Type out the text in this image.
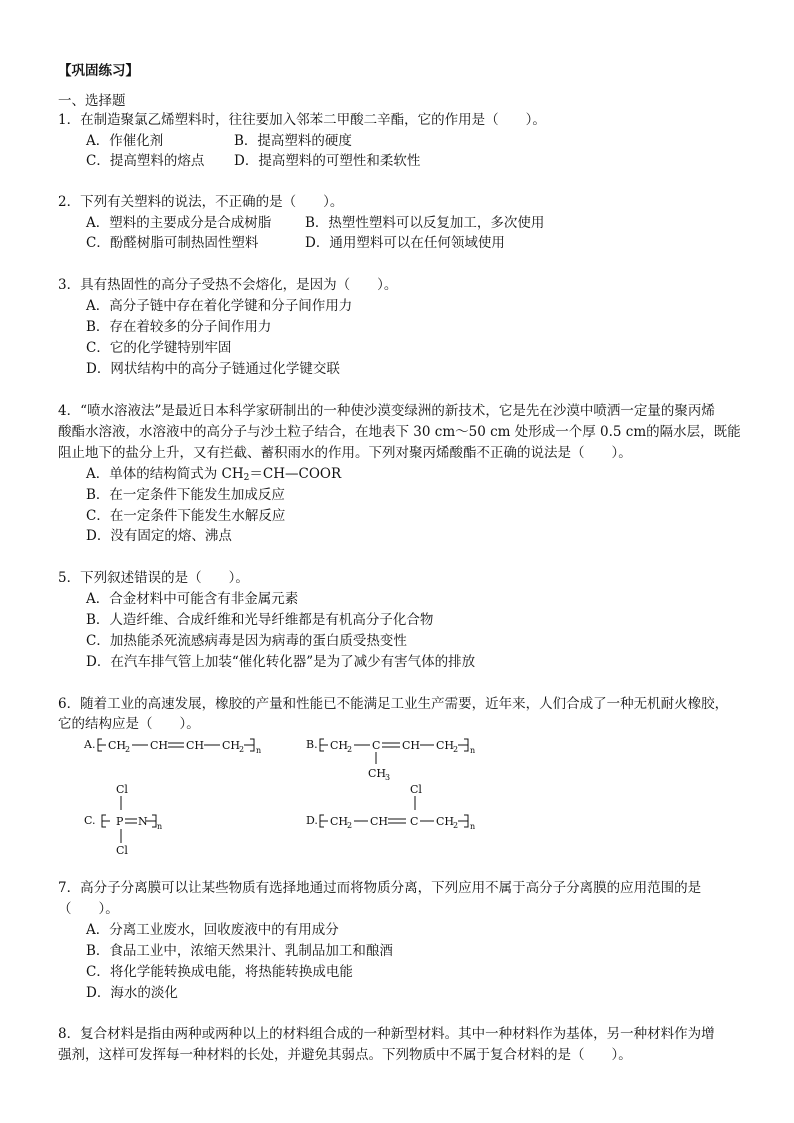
【巩固练习】
一、选择题
1．在制造聚氯乙烯塑料时，往往要加入邻苯二甲酸二辛酯，它的作用是（　　）。
A．作催化剂	B．提高塑料的硬度
C．提高塑料的熔点 D．提高塑料的可塑性和柔软性
2．下列有关塑料的说法，不正确的是（　　）。
A．塑料的主要成分是合成树脂	B．热塑性塑料可以反复加工，多次使用
C．酚醛树脂可制热固性塑料	D．通用塑料可以在任何领域使用
3．具有热固性的高分子受热不会熔化，是因为（　　）。
A．高分子链中存在着化学键和分子间作用力
B．存在着较多的分子间作用力
C．它的化学键特别牢固
D．网状结构中的高分子链通过化学键交联
4．“喷水溶液法”是最近日本科学家研制出的一种使沙漠变绿洲的新技术，它是先在沙漠中喷洒一定量的聚丙烯
酸酯水溶液，水溶液中的高分子与沙土粒子结合，在地表下 30 cm～50 cm 处形成一个厚 0.5 cm的隔水层，既能
阻止地下的盐分上升，又有拦截、蓄积雨水的作用。下列对聚丙烯酸酯不正确的说法是（　　）。
A．单体的结构简式为 $CH_2=CH—COOR$
B．在一定条件下能发生加成反应
C．在一定条件下能发生水解反应
D．没有固定的熔、沸点
5．下列叙述错误的是（　　）。
A．合金材料中可能含有非金属元素
B．人造纤维、合成纤维和光导纤维都是有机高分子化合物
C．加热能杀死流感病毒是因为病毒的蛋白质受热变性
D．在汽车排气管上加装“催化转化器”是为了减少有害气体的排放
6．随着工业的高速发展，橡胶的产量和性能已不能满足工业生产需要，近年来，人们合成了一种无机耐火橡胶，
它的结构应是（　　）。
A. CH
2 CH CH CH
2 n	B. CH
2 C CH CH
2 n
CH
3
Cl
C. P N n
Cl
Cl
D. CH
2 CH C CH
2 n
7．高分子分离膜可以让某些物质有选择地通过而将物质分离，下列应用不属于高分子分离膜的应用范围的是
（　　）。
A．分离工业废水，回收废液中的有用成分
B．食品工业中，浓缩天然果汁、乳制品加工和酿酒
C．将化学能转换成电能，将热能转换成电能
D．海水的淡化
8．复合材料是指由两种或两种以上的材料组合成的一种新型材料。其中一种材料作为基体，另一种材料作为增
强剂，这样可发挥每一种材料的长处，并避免其弱点。下列物质中不属于复合材料的是（　　）。
